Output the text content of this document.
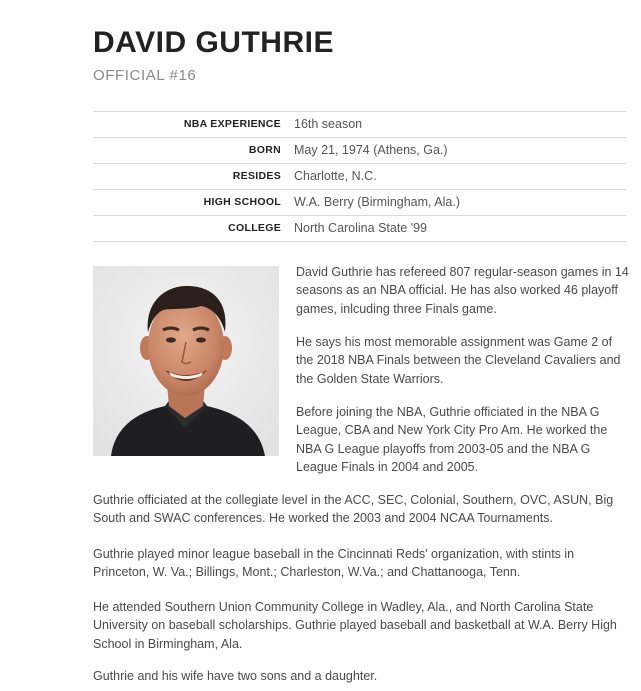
DAVID GUTHRIE
OFFICIAL #16
NBA EXPERIENCE 16th season
BORN May 21, 1974 (Athens, Ga.)
RESIDES Charlotte, N.C.
HIGH SCHOOL W.A. Berry (Birmingham, Ala.)
COLLEGE North Carolina State '99

David Guthrie has refereed 807 regular-season games in 14 seasons as an NBA official. He has also worked 46 playoff games, inlcuding three Finals game.

He says his most memorable assignment was Game 2 of the 2018 NBA Finals between the Cleveland Cavaliers and the Golden State Warriors.

Before joining the NBA, Guthrie officiated in the NBA G League, CBA and New York City Pro Am. He worked the NBA G League playoffs from 2003-05 and the NBA G League Finals in 2004 and 2005.

Guthrie officiated at the collegiate level in the ACC, SEC, Colonial, Southern, OVC, ASUN, Big South and SWAC conferences. He worked the 2003 and 2004 NCAA Tournaments.

Guthrie played minor league baseball in the Cincinnati Reds' organization, with stints in Princeton, W. Va.; Billings, Mont.; Charleston, W.Va.; and Chattanooga, Tenn.

He attended Southern Union Community College in Wadley, Ala., and North Carolina State University on baseball scholarships. Guthrie played baseball and basketball at W.A. Berry High School in Birmingham, Ala.

Guthrie and his wife have two sons and a daughter.
